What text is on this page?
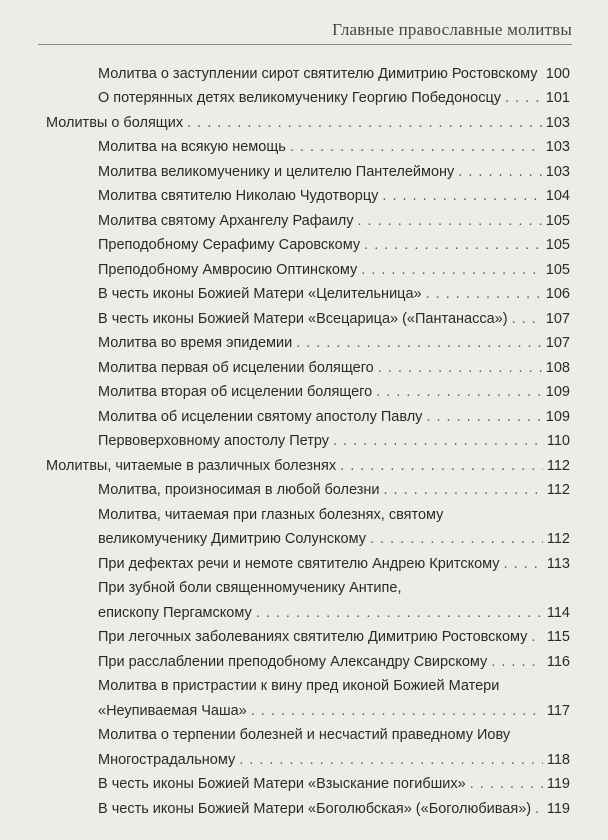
Главные православные молитвы
Молитва о заступлении сирот святителю Димитрию Ростовскому . . . 100
О потерянных детях великомученику Георгию Победоносцу . . .	101
Молитвы о болящих . . .	103
Молитва на всякую немощь . . .	103
Молитва великомученику и целителю Пантелеймону . . .	103
Молитва святителю Николаю Чудотворцу . . .	104
Молитва святому Архангелу Рафаилу . . .	105
Преподобному Серафиму Саровскому . . .	105
Преподобному Амвросию Оптинскому . . .	105
В честь иконы Божией Матери «Целительница» . . .	106
В честь иконы Божией Матери «Всецарица» («Пантанасса») . . .	107
Молитва во время эпидемии . . .	107
Молитва первая об исцелении болящего . . .	108
Молитва вторая об исцелении болящего . . .	109
Молитва об исцелении святому апостолу Павлу . . .	109
Первоверховному апостолу Петру . . .	110
Молитвы, читаемые в различных болезнях . . .	112
Молитва, произносимая в любой болезни . . .	112
Молитва, читаемая при глазных болезнях, святому
великомученику Димитрию Солунскому . . .	112
При дефектах речи и немоте святителю Андрею Критскому . . .	113
При зубной боли священномученику Антипе,
епископу Пергамскому . . .	114
При легочных заболеваниях святителю Димитрию Ростовскому . . . 115
При расслаблении преподобному Александру Свирскому . . .	116
Молитва в пристрастии к вину пред иконой Божией Матери
«Неупиваемая Чаша» . . .	117
Молитва о терпении болезней и несчастий праведному Иову
Многострадальному . . .	118
В честь иконы Божией Матери «Взыскание погибших» . . .	119
В честь иконы Божией Матери «Боголюбская» («Боголюбивая») . . . 119
